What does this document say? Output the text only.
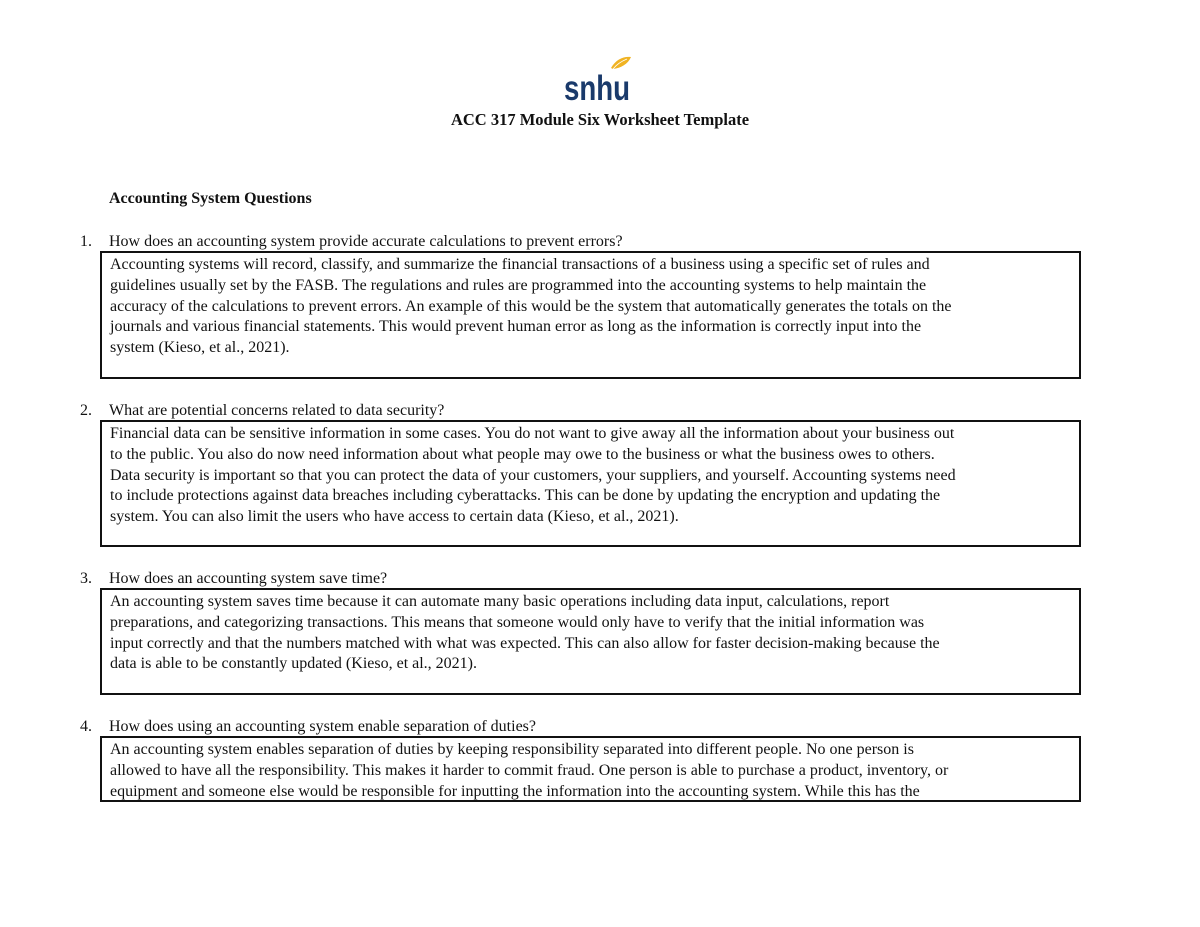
snhu
ACC 317 Module Six Worksheet Template
Accounting System Questions
1. How does an accounting system provide accurate calculations to prevent errors?

Accounting systems will record, classify, and summarize the financial transactions of a business using a specific set of rules and
guidelines usually set by the FASB. The regulations and rules are programmed into the accounting systems to help maintain the
accuracy of the calculations to prevent errors. An example of this would be the system that automatically generates the totals on the
journals and various financial statements. This would prevent human error as long as the information is correctly input into the
system (Kieso, et al., 2021).

2. What are potential concerns related to data security?

Financial data can be sensitive information in some cases. You do not want to give away all the information about your business out
to the public. You also do now need information about what people may owe to the business or what the business owes to others.
Data security is important so that you can protect the data of your customers, your suppliers, and yourself. Accounting systems need
to include protections against data breaches including cyberattacks. This can be done by updating the encryption and updating the
system. You can also limit the users who have access to certain data (Kieso, et al., 2021).

3. How does an accounting system save time?

An accounting system saves time because it can automate many basic operations including data input, calculations, report
preparations, and categorizing transactions. This means that someone would only have to verify that the initial information was
input correctly and that the numbers matched with what was expected. This can also allow for faster decision-making because the
data is able to be constantly updated (Kieso, et al., 2021).

4. How does using an accounting system enable separation of duties?

An accounting system enables separation of duties by keeping responsibility separated into different people. No one person is
allowed to have all the responsibility. This makes it harder to commit fraud. One person is able to purchase a product, inventory, or
equipment and someone else would be responsible for inputting the information into the accounting system. While this has the
